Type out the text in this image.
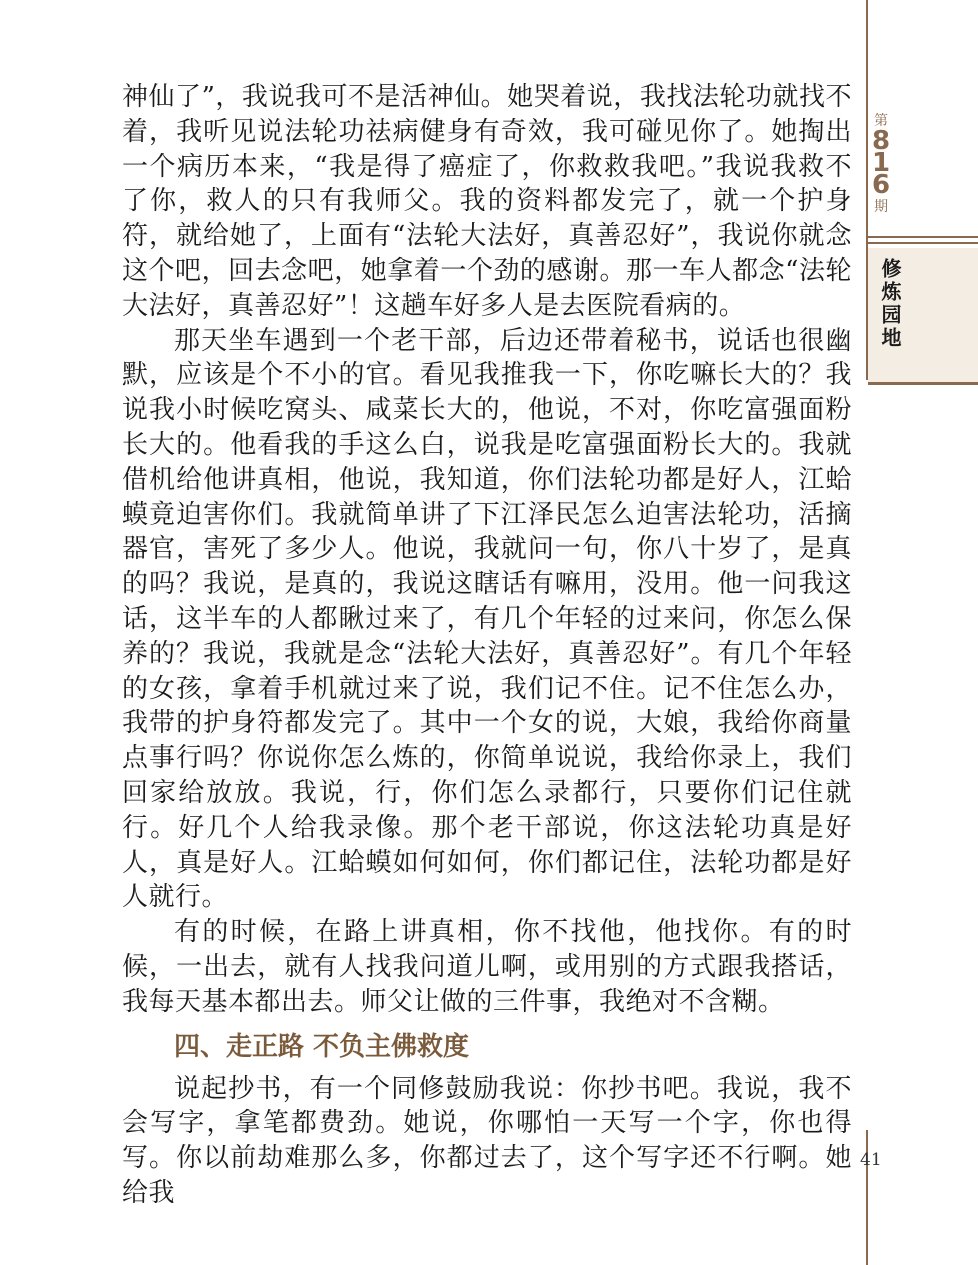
第
8
1
6
期
修炼园地

神仙了”，我说我可不是活神仙。她哭着说，我找法轮功就找不着，我听见说法轮功祛病健身有奇效，我可碰见你了。她掏出一个病历本来，“我是得了癌症了，你救救我吧。”我说我救不了你，救人的只有我师父。我的资料都发完了，就一个护身符，就给她了，上面有“法轮大法好，真善忍好”，我说你就念这个吧，回去念吧，她拿着一个劲的感谢。那一车人都念“法轮大法好，真善忍好”！这趟车好多人是去医院看病的。

那天坐车遇到一个老干部，后边还带着秘书，说话也很幽默，应该是个不小的官。看见我推我一下，你吃嘛长大的？我说我小时候吃窝头、咸菜长大的，他说，不对，你吃富强面粉长大的。他看我的手这么白，说我是吃富强面粉长大的。我就借机给他讲真相，他说，我知道，你们法轮功都是好人，江蛤蟆竟迫害你们。我就简单讲了下江泽民怎么迫害法轮功，活摘器官，害死了多少人。他说，我就问一句，你八十岁了，是真的吗？我说，是真的，我说这瞎话有嘛用，没用。他一问我这话，这半车的人都瞅过来了，有几个年轻的过来问，你怎么保养的？我说，我就是念“法轮大法好，真善忍好”。有几个年轻的女孩，拿着手机就过来了说，我们记不住。记不住怎么办，我带的护身符都发完了。其中一个女的说，大娘，我给你商量点事行吗？你说你怎么炼的，你简单说说，我给你录上，我们回家给放放。我说，行，你们怎么录都行，只要你们记住就行。好几个人给我录像。那个老干部说，你这法轮功真是好人，真是好人。江蛤蟆如何如何，你们都记住，法轮功都是好人就行。

有的时候，在路上讲真相，你不找他，他找你。有的时候，一出去，就有人找我问道儿啊，或用别的方式跟我搭话，我每天基本都出去。师父让做的三件事，我绝对不含糊。

四、走正路 不负主佛救度

说起抄书，有一个同修鼓励我说：你抄书吧。我说，我不会写字，拿笔都费劲。她说，你哪怕一天写一个字，你也得写。你以前劫难那么多，你都过去了，这个写字还不行啊。她给我

41
